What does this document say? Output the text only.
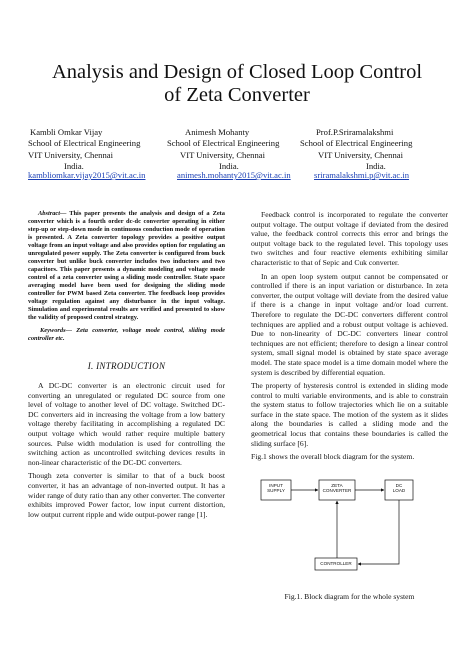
Analysis and Design of Closed Loop Control
of Zeta Converter
Kambli Omkar Vijay
School of Electrical Engineering
VIT University, Chennai
India.
Animesh Mohanty
School of Electrical Engineering
VIT University, Chennai
India.
Prof.P.Sriramalakshmi
School of Electrical Engineering
VIT University, Chennai
India.
kambliomkar.vijay2015@vit.ac.in	animesh.mohanty2015@vit.ac.in	sriramalakshmi.p@vit.ac.in

Abstract— This paper presents the analysis and design of a Zeta converter which is a fourth order dc-dc converter operating in either step-up or step-down mode in continuous conduction mode of operation is presented. A Zeta converter topology provides a positive output voltage from an input voltage and also provides option for regulating an unregulated power supply. The Zeta converter is configured from buck converter but unlike buck converter includes two inductors and two capacitors. This paper presents a dynamic modeling and voltage mode control of a zeta converter using a sliding mode controller. State space averaging model have been used for designing the sliding mode controller for PWM based Zeta converter. The feedback loop provides voltage regulation against any disturbance in the input voltage. Simulation and experimental results are verified and presented to show the validity of proposed control strategy.

Keywords— Zeta converter, voltage mode control, sliding mode controller etc.

I. INTRODUCTION

A DC-DC converter is an electronic circuit used for converting an unregulated or regulated DC source from one level of voltage to another level of DC voltage. Switched DC-DC converters aid in increasing the voltage from a low battery voltage thereby facilitating in accomplishing a regulated DC output voltage which would rather require multiple battery sources. Pulse width modulation is used for controlling the switching action as uncontrolled switching devices results in non-linear characteristic of the DC-DC converters.

Though zeta converter is similar to that of a buck boost converter, it has an advantage of non-inverted output. It has a wider range of duty ratio than any other converter. The converter exhibits improved Power factor, low input current distortion, low output current ripple and wide output-power range [1].

Feedback control is incorporated to regulate the converter output voltage. The output voltage if deviated from the desired value, the feedback control corrects this error and brings the output voltage back to the regulated level. This topology uses two switches and four reactive elements exhibiting similar characteristic to that of Sepic and Cuk converter.

In an open loop system output cannot be compensated or controlled if there is an input variation or disturbance. In zeta converter, the output voltage will deviate from the desired value if there is a change in input voltage and/or load current. Therefore to regulate the DC-DC converters different control techniques are applied and a robust output voltage is achieved. Due to non-linearity of DC-DC converters linear control techniques are not efficient; therefore to design a linear control system, small signal model is obtained by state space average model. The state space model is a time domain model where the system is described by differential equation.

The property of hysteresis control is extended in sliding mode control to multi variable environments, and is able to constrain the system status to follow trajectories which lie on a suitable surface in the state space. The motion of the system as it slides along the boundaries is called a sliding mode and the geometrical locus that contains these boundaries is called the sliding surface [6].

Fig.1 shows the overall block diagram for the system.

INPUT
SUPPLY
ZETA
CONVERTER
DC
LOAD
CONTROLLER

Fig.1. Block diagram for the whole system
